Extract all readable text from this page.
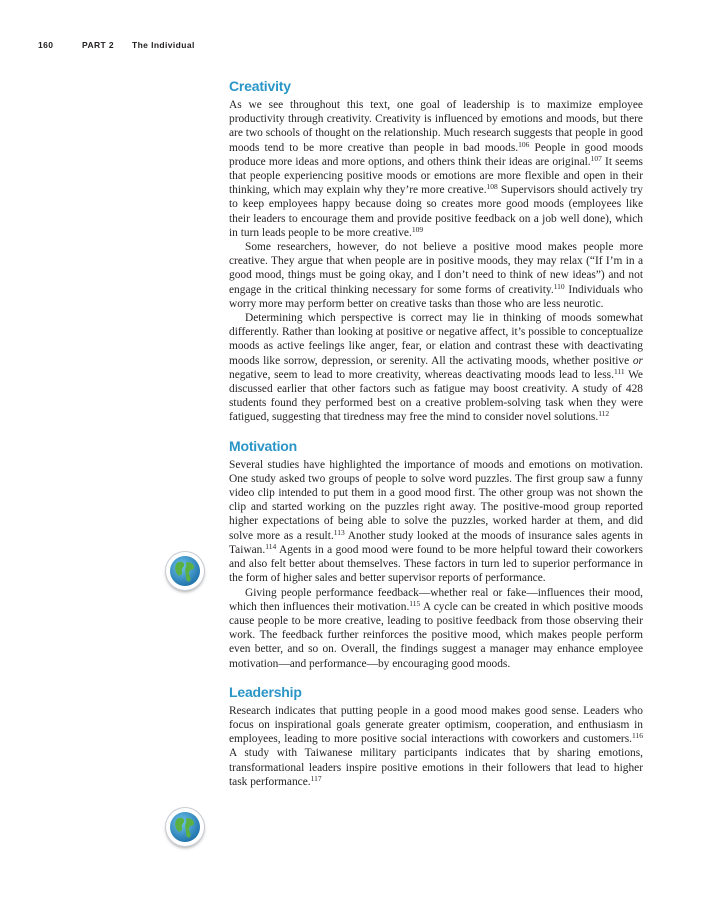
160	PART 2 The Individual
Creativity

As we see throughout this text, one goal of leadership is to maximize employee productivity through creativity. Creativity is influenced by emotions and moods, but there are two schools of thought on the relationship. Much research suggests that people in good moods tend to be more creative than people in bad moods.$^{106}$ People in good moods produce more ideas and more options, and others think their ideas are original.$^{107}$ It seems that people experiencing positive moods or emotions are more flexible and open in their thinking, which may explain why they’re more creative.$^{108}$ Supervisors should actively try to keep employees happy because doing so creates more good moods (employees like their leaders to encourage them and provide positive feedback on a job well done), which in turn leads people to be more creative.$^{109}$

Some researchers, however, do not believe a positive mood makes people more creative. They argue that when people are in positive moods, they may relax (“If I’m in a good mood, things must be going okay, and I don’t need to think of new ideas”) and not engage in the critical thinking necessary for some forms of creativity.$^{110}$ Individuals who worry more may perform better on creative tasks than those who are less neurotic.

Determining which perspective is correct may lie in thinking of moods somewhat differently. Rather than looking at positive or negative affect, it’s possible to conceptualize moods as active feelings like anger, fear, or elation and contrast these with deactivating moods like sorrow, depression, or serenity. All the activating moods, whether positive or negative, seem to lead to more creativity, whereas deactivating moods lead to less.$^{111}$ We discussed earlier that other factors such as fatigue may boost creativity. A study of 428 students found they performed best on a creative problem-solving task when they were fatigued, suggesting that tiredness may free the mind to consider novel solutions.$^{112}$

Motivation

Several studies have highlighted the importance of moods and emotions on motivation. One study asked two groups of people to solve word puzzles. The first group saw a funny video clip intended to put them in a good mood first. The other group was not shown the clip and started working on the puzzles right away. The positive-mood group reported higher expectations of being able to solve the puzzles, worked harder at them, and did solve more as a result.$^{113}$ Another study looked at the moods of insurance sales agents in Taiwan.$^{114}$ Agents in a good mood were found to be more helpful toward their coworkers and also felt better about themselves. These factors in turn led to superior performance in the form of higher sales and better supervisor reports of performance.

Giving people performance feedback—whether real or fake—influences their mood, which then influences their motivation.$^{115}$ A cycle can be created in which positive moods cause people to be more creative, leading to positive feedback from those observing their work. The feedback further reinforces the positive mood, which makes people perform even better, and so on. Overall, the findings suggest a manager may enhance employee motivation—and performance—by encouraging good moods.

Leadership

Research indicates that putting people in a good mood makes good sense. Leaders who focus on inspirational goals generate greater optimism, cooperation, and enthusiasm in employees, leading to more positive social interactions with coworkers and customers.$^{116}$ A study with Taiwanese military participants indicates that by sharing emotions, transformational leaders inspire positive emotions in their followers that lead to higher task performance.$^{117}$
